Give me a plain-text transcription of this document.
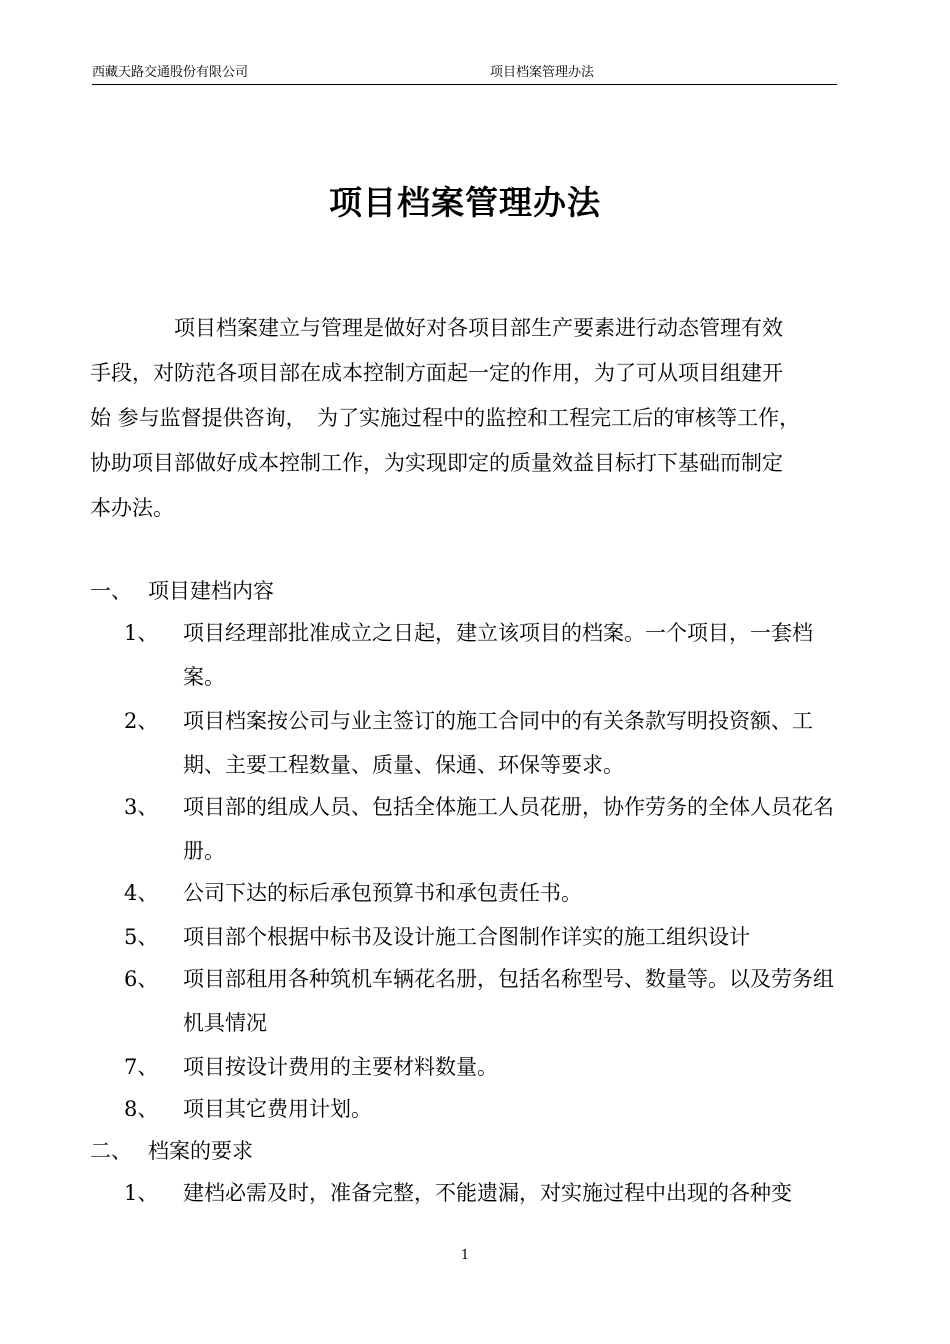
西藏天路交通股份有限公司	项目档案管理办法
项目档案管理办法
　　　　项目档案建立与管理是做好对各项目部生产要素进行动态管理有效
手段，对防范各项目部在成本控制方面起一定的作用，为了可从项目组建开
始 参与监督提供咨询，　为了实施过程中的监控和工程完工后的审核等工作，
协助项目部做好成本控制工作，为实现即定的质量效益目标打下基础而制定
本办法。
一、 项目建档内容
1、 项目经理部批准成立之日起，建立该项目的档案。一个项目，一套档案。
2、 项目档案按公司与业主签订的施工合同中的有关条款写明投资额、工期、主要工程数量、质量、保通、环保等要求。
3、 项目部的组成人员、包括全体施工人员花册，协作劳务的全体人员花名册。
4、 公司下达的标后承包预算书和承包责任书。
5、 项目部个根据中标书及设计施工合图制作详实的施工组织设计
6、 项目部租用各种筑机车辆花名册，包括名称型号、数量等。以及劳务组机具情况
7、 项目按设计费用的主要材料数量。
8、 项目其它费用计划。
二、 档案的要求
1、 建档必需及时，准备完整，不能遗漏，对实施过程中出现的各种变
1
